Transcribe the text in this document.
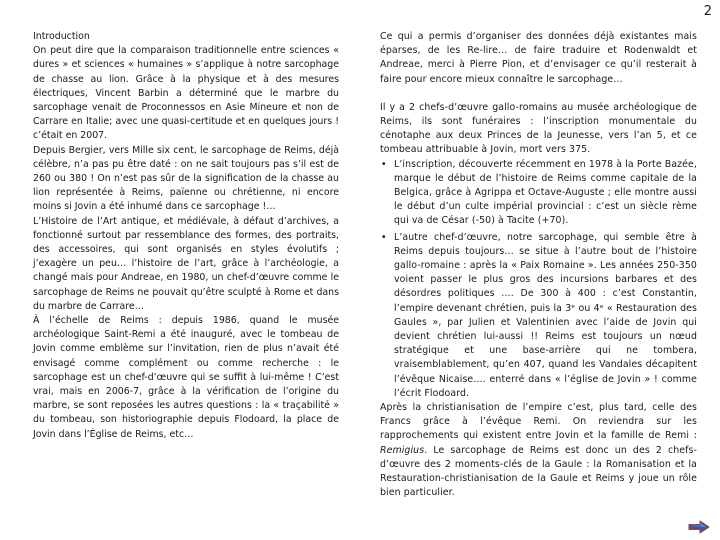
2

Introduction

On peut dire que la comparaison traditionnelle entre sciences « dures » et sciences « humaines » s’applique à notre sarcophage de chasse au lion. Grâce à la physique et à des mesures électriques, Vincent Barbin a déterminé que le marbre du sarcophage venait de Proconnessos en Asie Mineure et non de Carrare en Italie; avec une quasi-certitude et en quelques jours ! c’était en 2007.

Depuis Bergier, vers Mille six cent, le sarcophage de Reims, déjà célèbre, n’a pas pu être daté : on ne sait toujours pas s’il est de 260 ou 380 ! On n’est pas sûr de la signification de la chasse au lion représentée à Reims, païenne ou chrétienne, ni encore moins si Jovin a été inhumé dans ce sarcophage !…

L’Histoire de l’Art antique, et médiévale, à défaut d’archives, a fonctionné surtout par ressemblance des formes, des portraits, des accessoires, qui sont organisés en styles évolutifs ; j’exagère un peu… l’histoire de l’art, grâce à l’archéologie, a changé mais pour Andreae, en 1980, un chef-d’œuvre comme le sarcophage de Reims ne pouvait qu’être sculpté à Rome et dans du marbre de Carrare…

À l’échelle de Reims : depuis 1986, quand le musée archéologique Saint-Remi a été inauguré, avec le tombeau de Jovin comme emblème sur l’invitation, rien de plus n’avait été envisagé comme complément ou comme recherche : le sarcophage est un chef-d’œuvre qui se suffit à lui-même ! C’est vrai, mais en 2006-7, grâce à la vérification de l’origine du marbre, se sont reposées les autres questions : la « traçabilité » du tombeau, son historiographie depuis Flodoard, la place de Jovin dans l’Église de Reims, etc…

Ce qui a permis d’organiser des données déjà existantes mais éparses, de les Re-lire… de faire traduire et Rodenwaldt et Andreae, merci à Pierre Pion, et d’envisager ce qu’il resterait à faire pour encore mieux connaître le sarcophage…

Il y a 2 chefs-d’œuvre gallo-romains au musée archéologique de Reims, ils sont funéraires : l’inscription monumentale du cénotaphe aux deux Princes de la Jeunesse, vers l’an 5, et ce tombeau attribuable à Jovin, mort vers 375.

• L’inscription, découverte récemment en 1978 à la Porte Bazée, marque le début de l’histoire de Reims comme capitale de la Belgica, grâce à Agrippa et Octave-Auguste ; elle montre aussi le début d’un culte impérial provincial : c’est un siècle rème qui va de César (-50) à Tacite (+70).
• L’autre chef-d’œuvre, notre sarcophage, qui semble être à Reims depuis toujours… se situe à l’autre bout de l’histoire gallo-romaine : après la « Paix Romaine ». Les années 250-350 voient passer le plus gros des incursions barbares et des désordres politiques …. De 300 à 400 : c’est Constantin, l’empire devenant chrétien, puis la 3ᵉ ou 4ᵉ « Restauration des Gaules », par Julien et Valentinien avec l’aide de Jovin qui devient chrétien lui-aussi !! Reims est toujours un nœud stratégique et une base-arrière qui ne tombera, vraisemblablement, qu’en 407, quand les Vandales décapitent l’évêque Nicaise…. enterré dans « l’église de Jovin » ! comme l’écrit Flodoard.

Après la christianisation de l’empire c’est, plus tard, celle des Francs grâce à l’évêque Remi. On reviendra sur les rapprochements qui existent entre Jovin et la famille de Remi : Remigius. Le sarcophage de Reims est donc un des 2 chefs-d’œuvre des 2 moments-clés de la Gaule : la Romanisation et la Restauration-christianisation de la Gaule et Reims y joue un rôle bien particulier.
